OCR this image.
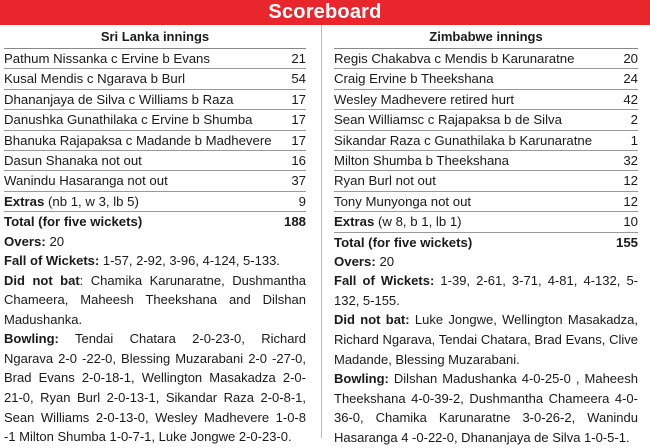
Scoreboard
Sri Lanka innings
Pathum Nissanka c Ervine b Evans	21
Kusal Mendis c Ngarava b Burl	54
Dhananjaya de Silva c Williams b Raza	17
Danushka Gunathilaka c Ervine b Shumba	17
Bhanuka Rajapaksa c Madande b Madhevere	17
Dasun Shanaka not out	16
Wanindu Hasaranga not out	37
Extras (nb 1, w 3, lb 5)	9
Total (for five wickets)	188
Overs: 20
Fall of Wickets: 1-57, 2-92, 3-96, 4-124, 5-133.
Did not bat: Chamika Karunaratne, Dushmantha Chameera, Maheesh Theekshana and Dilshan Madushanka.
Bowling: Tendai Chatara 2-0-23-0, Richard Ngarava 2-0 -22-0, Blessing Muzarabani 2-0 -27-0, Brad Evans 2-0-18-1, Wellington Masakadza 2-0-21-0, Ryan Burl 2-0-13-1, Sikandar Raza 2-0-8-1, Sean Williams 2-0-13-0, Wesley Madhevere 1-0-8 -1 Milton Shumba 1-0-7-1, Luke Jongwe 2-0-23-0.
Zimbabwe innings
Regis Chakabva c Mendis b Karunaratne	20
Craig Ervine b Theekshana	24
Wesley Madhevere retired hurt	42
Sean Williamsc c Rajapaksa b de Silva	2
Sikandar Raza c Gunathilaka b Karunaratne	1
Milton Shumba b Theekshana	32
Ryan Burl not out	12
Tony Munyonga not out	12
Extras (w 8, b 1, lb 1)	10
Total (for five wickets)	155
Overs: 20
Fall of Wickets: 1-39, 2-61, 3-71, 4-81, 4-132, 5-132, 5-155.
Did not bat: Luke Jongwe, Wellington Masakadza, Richard Ngarava, Tendai Chatara, Brad Evans, Clive Madande, Blessing Muzarabani.
Bowling: Dilshan Madushanka 4-0-25-0 , Maheesh Theekshana 4-0-39-2, Dushmantha Chameera 4-0-36-0, Chamika Karunaratne 3-0-26-2, Wanindu Hasaranga 4 -0-22-0, Dhananjaya de Silva 1-0-5-1.
